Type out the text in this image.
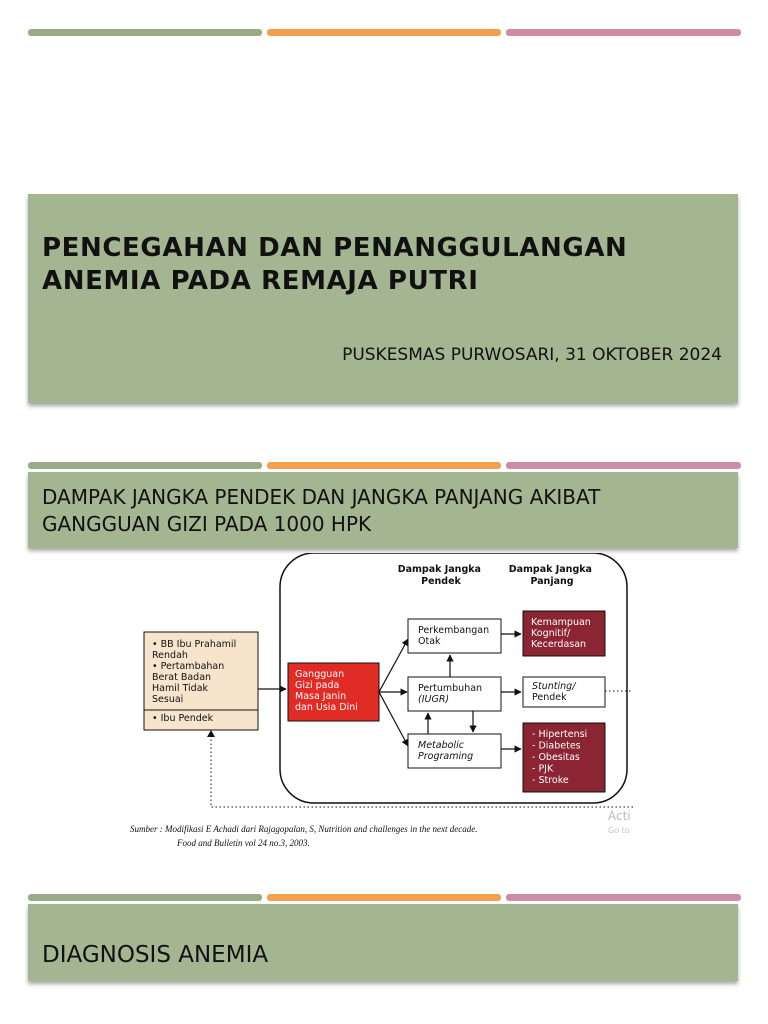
PENCEGAHAN DAN PENANGGULANGAN
ANEMIA PADA REMAJA PUTRI
PUSKESMAS PURWOSARI, 31 OKTOBER 2024
DAMPAK JANGKA PENDEK DAN JANGKA PANJANG AKIBAT
GANGGUAN GIZI PADA 1000 HPK
Dampak Jangka Pendek
Dampak Jangka Panjang
• BB Ibu Prahamil Rendah • Pertambahan Berat Badan Hamil Tidak Sesuai • Ibu Pendek
Gangguan Gizi pada Masa Janin dan Usia Dini
Perkembangan Otak
Pertumbuhan (IUGR)
Metabolic Programing
Kemampuan Kognitif/ Kecerdasan
Stunting/ Pendek
- Hipertensi - Diabetes - Obesitas - PJK - Stroke
Sumber : Modifikasi E Achadi dari Rajagopalan, S, Nutrition and challenges in the next decade. Food and Bulletin vol 24 no.3, 2003.
Acti
Go to
DIAGNOSIS ANEMIA
